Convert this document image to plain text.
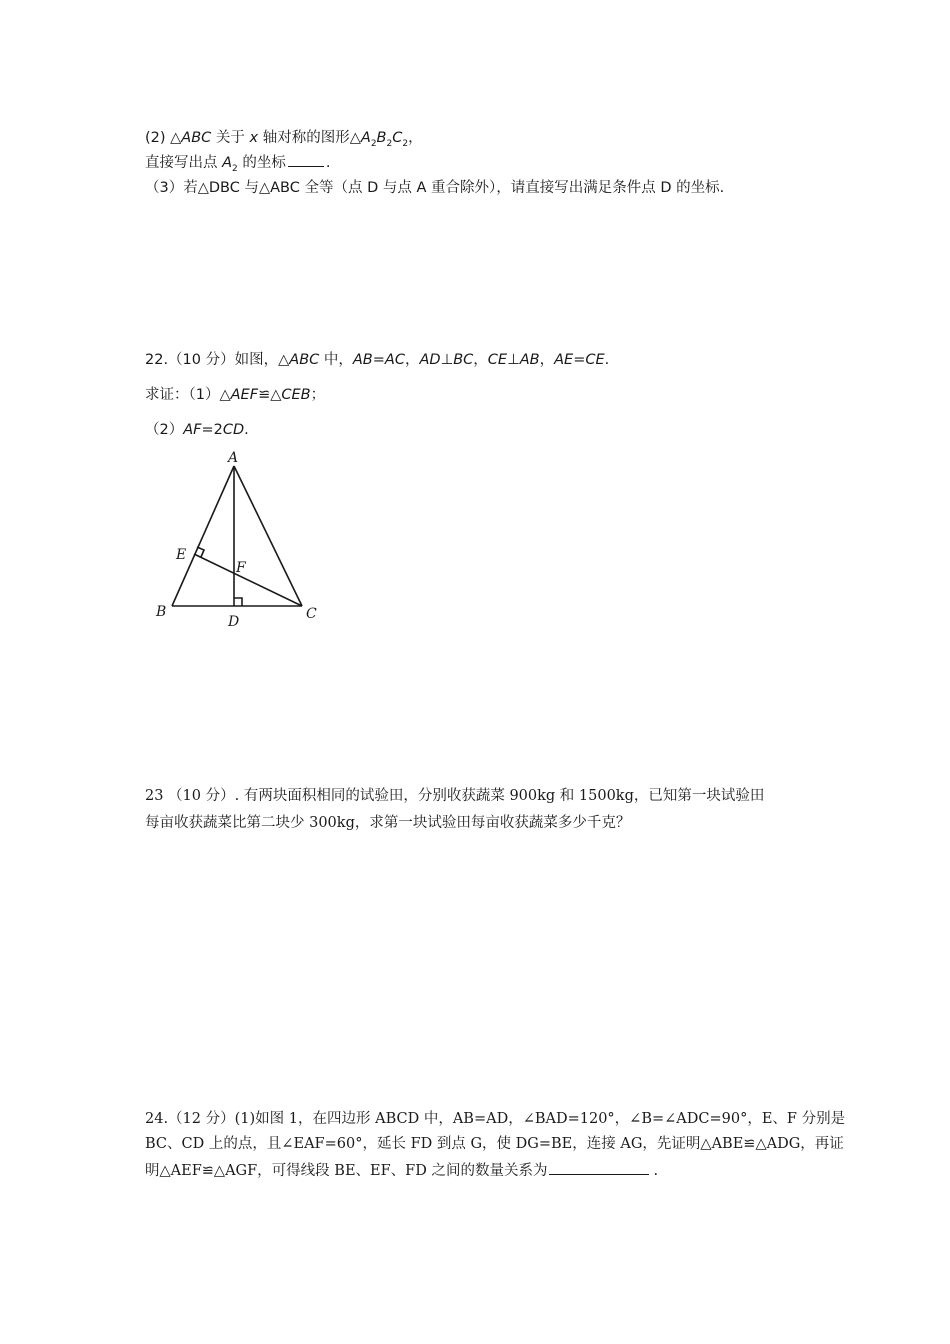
(2) △ABC 关于 x 轴对称的图形$\triangle A_2B_2C_2$，
直接写出点 $A_2$ 的坐标	.
（3）若△DBC 与△ABC 全等（点 D 与点 A 重合除外），请直接写出满足条件点 D 的坐标.
22.（10 分）如图，△ABC 中，AB=AC，AD⊥BC，CE⊥AB，AE=CE.
求证：（1）△AEF≌△CEB；
（2）AF=2CD.
A
B	C
D
E
F
23 （10 分）. 有两块面积相同的试验田，分别收获蔬菜 900kg 和 1500kg，已知第一块试验田
每亩收获蔬菜比第二块少 300kg，求第一块试验田每亩收获蔬菜多少千克？
24.（12 分）(1)如图 1，在四边形 ABCD 中，AB=AD，∠BAD=120°，∠B=∠ADC=90°，E、F 分别是
BC、CD 上的点，且∠EAF=60°，延长 FD 到点 G，使 DG=BE，连接 AG，先证明△ABE≌△ADG，再证
明△AEF≌△AGF，可得线段 BE、EF、FD 之间的数量关系为	.
